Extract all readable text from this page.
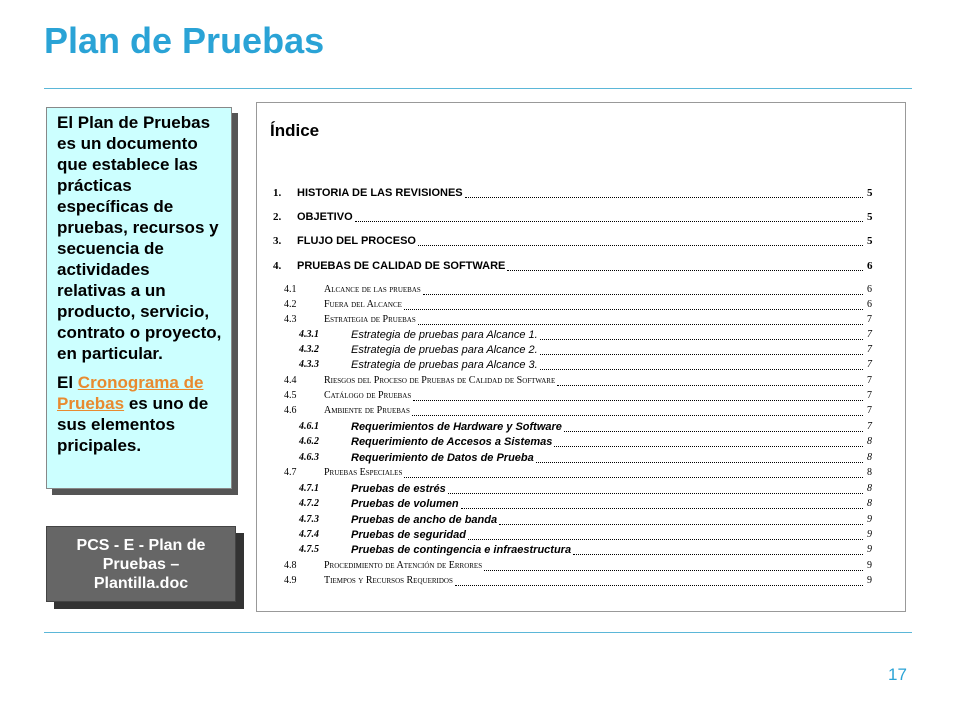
Plan de Pruebas

El Plan de Pruebas es un documento que establece las prácticas específicas de pruebas, recursos y secuencia de actividades relativas a un producto, servicio, contrato o proyecto, en particular.

El Cronograma de Pruebas es uno de sus elementos pricipales.

PCS - E - Plan de Pruebas – Plantilla.doc
Índice
1. HISTORIA DE LAS REVISIONES	5
2. OBJETIVO	5
3. FLUJO DEL PROCESO	5
4. PRUEBAS DE CALIDAD DE SOFTWARE	6
4.1	Alcance de las pruebas	6
4.2	Fuera del Alcance	6
4.3	Estrategia de Pruebas	7
4.3.1	Estrategia de pruebas para Alcance 1.	7
4.3.2	Estrategia de pruebas para Alcance 2.	7
4.3.3	Estrategia de pruebas para Alcance 3.	7
4.4	Riesgos del Proceso de Pruebas de Calidad de Software	7
4.5	Catálogo de Pruebas	7
4.6	Ambiente de Pruebas	7
4.6.1	Requerimientos de Hardware y Software	7
4.6.2	Requerimiento de Accesos a Sistemas	8
4.6.3	Requerimiento de Datos de Prueba	8
4.7	Pruebas Especiales	8
4.7.1	Pruebas de estrés	8
4.7.2	Pruebas de volumen	8
4.7.3	Pruebas de ancho de banda	9
4.7.4	Pruebas de seguridad	9
4.7.5	Pruebas de contingencia e infraestructura	9
4.8	Procedimiento de Atención de Errores	9
4.9	Tiempos y Recursos Requeridos	9
17
